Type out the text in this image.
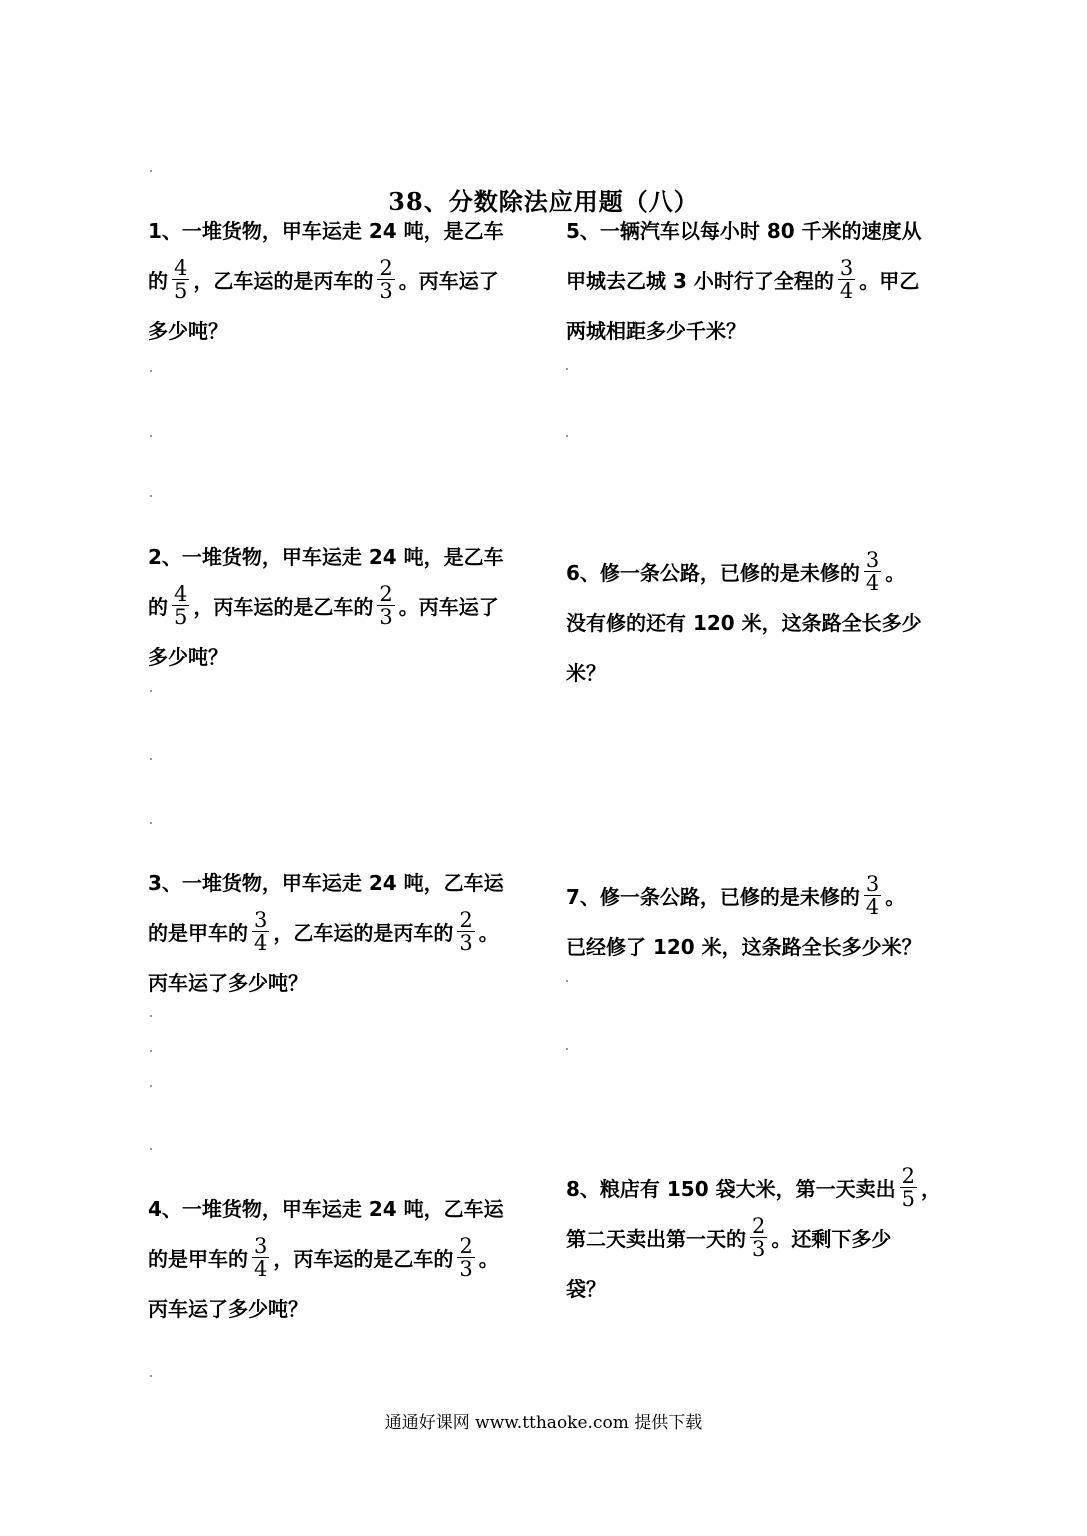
38、分数除法应用题（八）
1、一堆货物，甲车运走 24 吨，是乙车
的 $\frac{4}{5}$ ，乙车运的是丙车的 $\frac{2}{3}$ 。丙车运了
多少吨？
2、一堆货物，甲车运走 24 吨，是乙车
的 $\frac{4}{5}$ ，丙车运的是乙车的 $\frac{2}{3}$ 。丙车运了
多少吨？
3、一堆货物，甲车运走 24 吨，乙车运
的是甲车的 $\frac{3}{4}$ ，乙车运的是丙车的 $\frac{2}{3}$ 。
丙车运了多少吨？
4、一堆货物，甲车运走 24 吨，乙车运
的是甲车的 $\frac{3}{4}$ ，丙车运的是乙车的 $\frac{2}{3}$ 。
丙车运了多少吨？
5、一辆汽车以每小时 80 千米的速度从
甲城去乙城 3 小时行了全程的 $\frac{3}{4}$ 。甲乙
两城相距多少千米？
6、修一条公路，已修的是未修的 $\frac{3}{4}$ 。
没有修的还有 120 米，这条路全长多少
米？
7、修一条公路，已修的是未修的 $\frac{3}{4}$ 。
已经修了 120 米，这条路全长多少米？
8、粮店有 150 袋大米，第一天卖出 $\frac{2}{5}$ ，
第二天卖出第一天的 $\frac{2}{3}$ 。还剩下多少
袋？
通通好课网 www.tthaoke.com 提供下载
